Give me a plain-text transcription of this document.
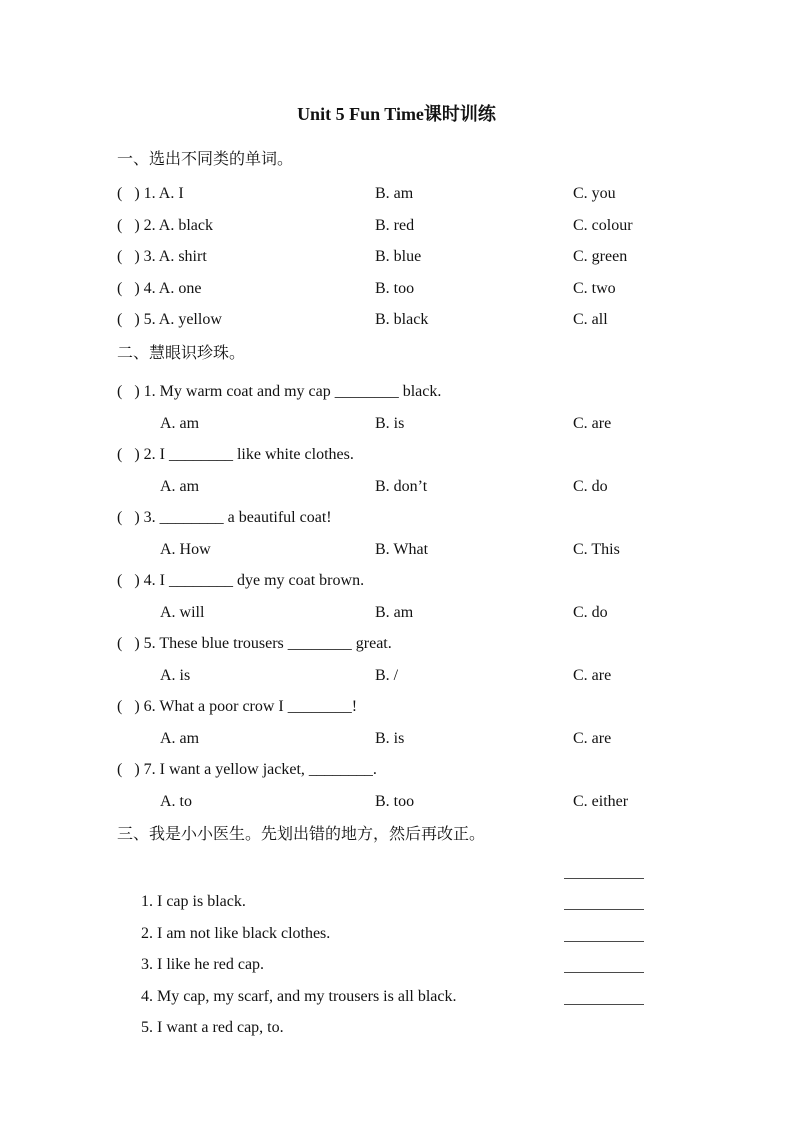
Unit 5 Fun Time课时训练
一、选出不同类的单词。
(   ) 1. A. I	B. am	C. you
(   ) 2. A. black	B. red	C. colour
(   ) 3. A. shirt	B. blue	C. green
(   ) 4. A. one	B. too	C. two
(   ) 5. A. yellow	B. black	C. all
二、慧眼识珍珠。
(   ) 1. My warm coat and my cap ________ black.
A. am	B. is	C. are
(   ) 2. I ________ like white clothes.
A. am	B. don’t	C. do
(   ) 3. ________ a beautiful coat!
A. How	B. What	C. This
(   ) 4. I ________ dye my coat brown.
A. will	B. am	C. do
(   ) 5. These blue trousers ________ great.
A. is	B. /	C. are
(   ) 6. What a poor crow I ________!
A. am	B. is	C. are
(   ) 7. I want a yellow jacket, ________.
A. to	B. too	C. either
三、我是小小医生。先划出错的地方，然后再改正。

1. I cap is black.

2. I am not like black clothes.

3. I like he red cap.

4. My cap, my scarf, and my trousers is all black.

5. I want a red cap, to.
